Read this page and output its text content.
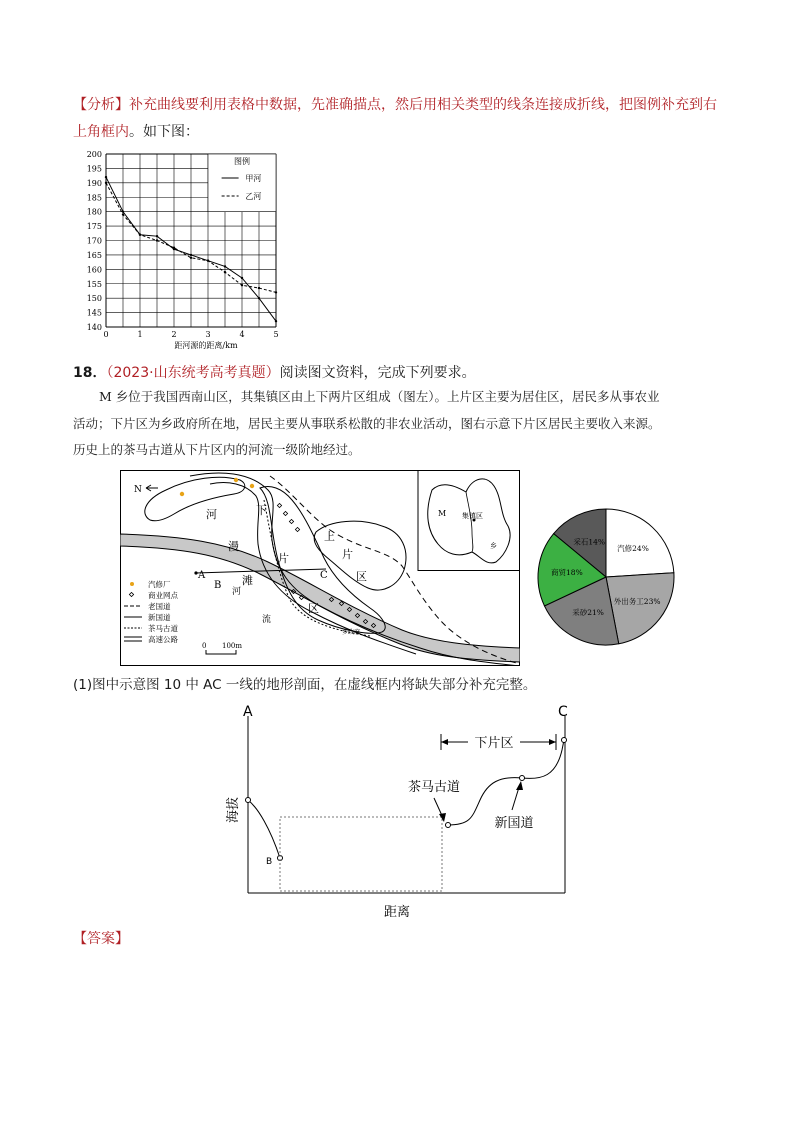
【分析】补充曲线要利用表格中数据，先准确描点，然后用相关类型的线条连接成折线，把图例补充到右
上角框内。如下图：
200
195
190
185
180
175
170
165
160
155
150
145
140
0	1	2	3	4	5
图例
甲河
乙河
距河源的距离/km
18．（2023·山东统考高考真题）阅读图文资料，完成下列要求。
M 乡位于我国西南山区，其集镇区由上下两片区组成（图左）。上片区主要为居住区，居民多从事农业
活动；下片区为乡政府所在地，居民主要从事联系松散的非农业活动，图右示意下片区居民主要收入来源。
历史上的茶马古道从下片区内的河流一级阶地经过。
N
河
漫
滩
下
片
区
上
片
区
河
流
A
B
C
乡政府
汽修厂
商业网点
老国道
新国道
茶马古道
高速公路
0 100m
M 集镇区
乡	采石14%
汽修24%
外出务工23%
采砂21%
商贸18%
(1)图中示意图 10 中 AC 一线的地形剖面，在虚线框内将缺失部分补充完整。
A	C
B
下片区
茶马古道
新国道
海拔
距离
【答案】
